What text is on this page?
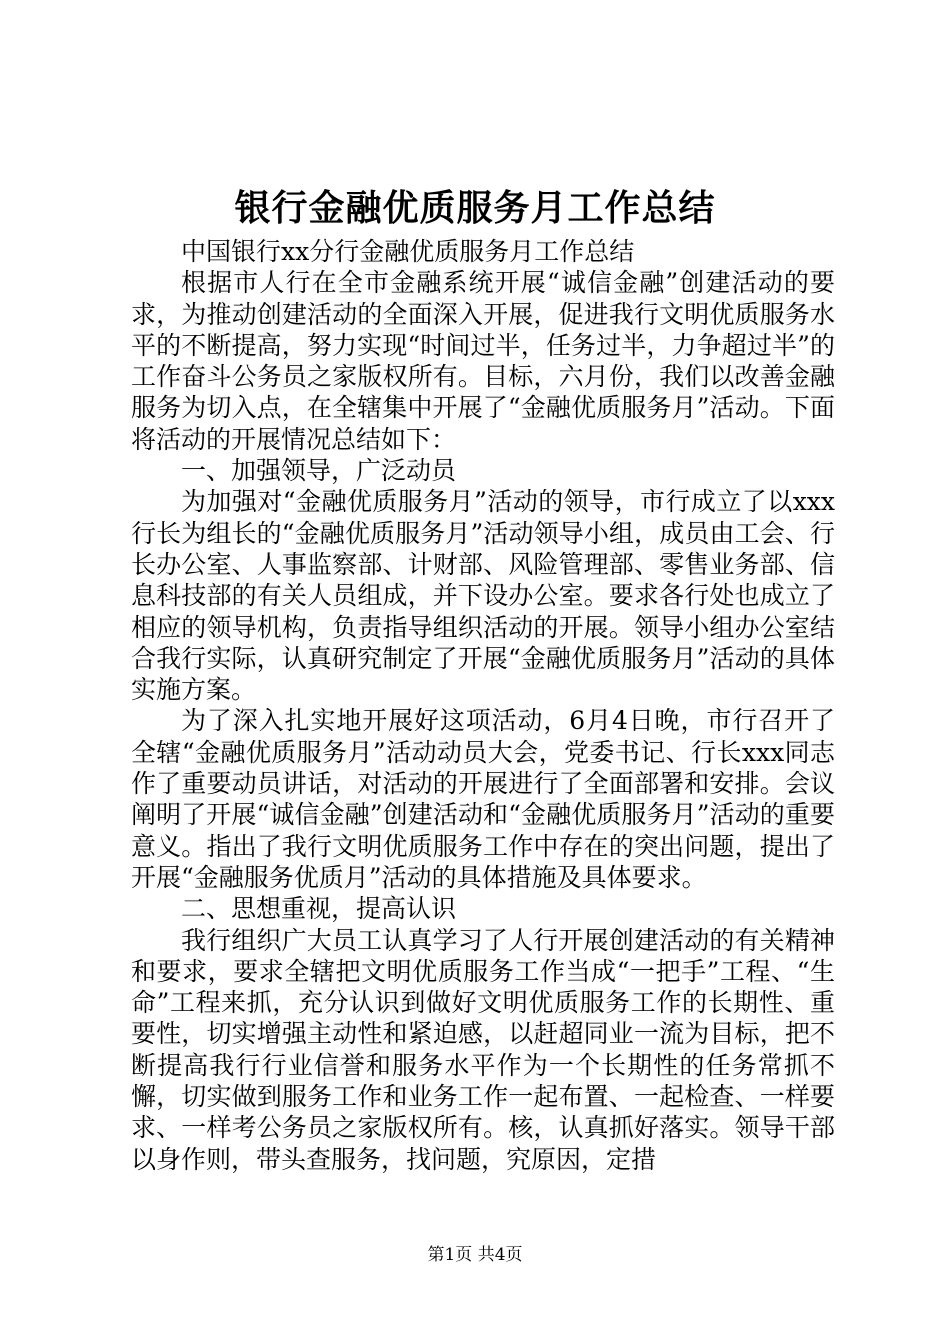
银行金融优质服务月工作总结

中国银行xx分行金融优质服务月工作总结

根据市人行在全市金融系统开展“诚信金融”创建活动的要求，为推动创建活动的全面深入开展，促进我行文明优质服务水平的不断提高，努力实现“时间过半，任务过半，力争超过半”的工作奋斗公务员之家版权所有。目标，六月份，我们以改善金融服务为切入点，在全辖集中开展了“金融优质服务月”活动。下面将活动的开展情况总结如下：

一、加强领导，广泛动员

为加强对“金融优质服务月”活动的领导，市行成立了以xxx行长为组长的“金融优质服务月”活动领导小组，成员由工会、行长办公室、人事监察部、计财部、风险管理部、零售业务部、信息科技部的有关人员组成，并下设办公室。要求各行处也成立了相应的领导机构，负责指导组织活动的开展。领导小组办公室结合我行实际，认真研究制定了开展“金融优质服务月”活动的具体实施方案。

为了深入扎实地开展好这项活动，6月4日晚，市行召开了全辖“金融优质服务月”活动动员大会，党委书记、行长xxx同志作了重要动员讲话，对活动的开展进行了全面部署和安排。会议阐明了开展“诚信金融”创建活动和“金融优质服务月”活动的重要意义。指出了我行文明优质服务工作中存在的突出问题，提出了开展“金融服务优质月”活动的具体措施及具体要求。

二、思想重视，提高认识

我行组织广大员工认真学习了人行开展创建活动的有关精神和要求，要求全辖把文明优质服务工作当成“一把手”工程、“生命”工程来抓，充分认识到做好文明优质服务工作的长期性、重要性，切实增强主动性和紧迫感，以赶超同业一流为目标，把不断提高我行行业信誉和服务水平作为一个长期性的任务常抓不懈，切实做到服务工作和业务工作一起布置、一起检查、一样要求、一样考公务员之家版权所有。核，认真抓好落实。领导干部以身作则，带头查服务，找问题，究原因，定措

第1页 共4页
